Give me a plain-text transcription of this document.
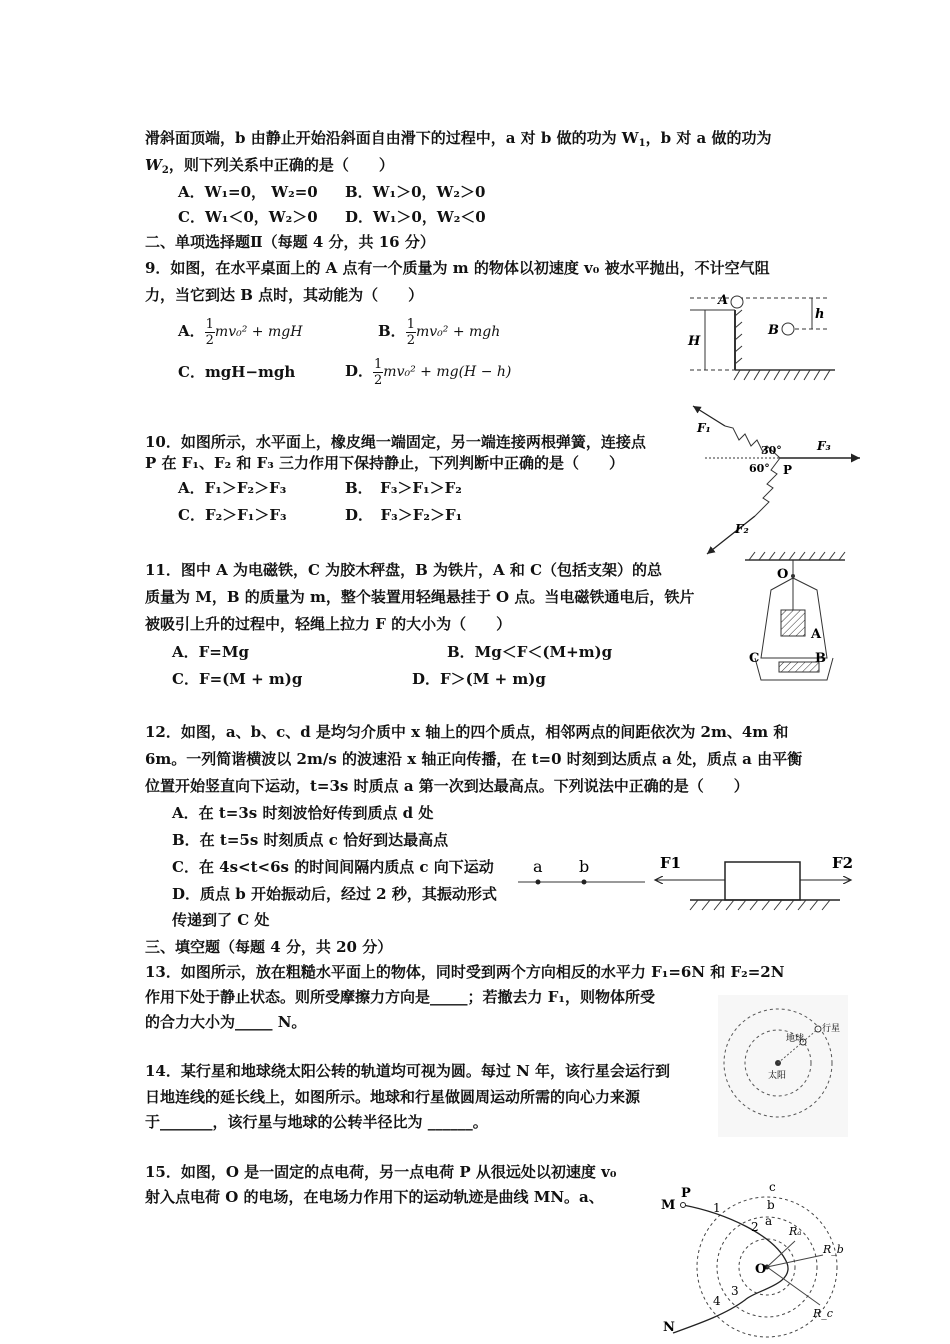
滑斜面顶端，b 由静止开始沿斜面自由滑下的过程中，a 对 b 做的功为 $W_1$，b 对 a 做的功为
$W_2$，则下列关系中正确的是（　　）
A．W₁=0， W₂=0 B．W₁＞0，W₂＞0
C．W₁＜0，W₂＞0 D．W₁＞0，W₂＜0
二、单项选择题Ⅱ（每题 4 分，共 16 分）
9．如图，在水平桌面上的 A 点有一个质量为 m 的物体以初速度 v₀ 被水平抛出，不计空气阻
力，当它到达 B 点时，其动能为（　　）
A． $\frac{1}{2} mv_0^2$ + mgH	B． $\frac{1}{2} mv_0^2$ + mgh
C．mgH−mgh	D． $\frac{1}{2} mv_0^2 + mg(H - h)$
A
B
H
h
10．如图所示，水平面上，橡皮绳一端固定，另一端连接两根弹簧，连接点
P 在 F₁、F₂ 和 F₃ 三力作用下保持静止，下列判断中正确的是（　　）
A．F₁＞F₂＞F₃	B．　F₃＞F₁＞F₂
C．F₂＞F₁＞F₃	D．　F₃＞F₂＞F₁
F₁
F₃
F₂
30°
60° P
11．图中 A 为电磁铁，C 为胶木秤盘，B 为铁片，A 和 C（包括支架）的总
质量为 M，B 的质量为 m，整个装置用轻绳悬挂于 O 点。当电磁铁通电后，铁片
被吸引上升的过程中，轻绳上拉力 F 的大小为（　　）
A．F=Mg	B．Mg＜F＜(M+m)g
C．F=(M + m)g	D．F＞(M + m)g
O
A
B
C
12．如图，a、b、c、d 是均匀介质中 x 轴上的四个质点，相邻两点的间距依次为 2m、4m 和
6m。一列简谐横波以 2m/s 的波速沿 x 轴正向传播，在 t=0 时刻到达质点 a 处，质点 a 由平衡
位置开始竖直向下运动，t=3s 时质点 a 第一次到达最高点。下列说法中正确的是（　　）
A．在 t=3s 时刻波恰好传到质点 d 处
B．在 t=5s 时刻质点 c 恰好到达最高点
C．在 4s<t<6s 的时间间隔内质点 c 向下运动
D．质点 b 开始振动后，经过 2 秒，其振动形式
传递到了 C 处
a b	F1	F2
三、填空题（每题 4 分，共 20 分）
13．如图所示，放在粗糙水平面上的物体，同时受到两个方向相反的水平力 F₁=6N 和 F₂=2N
作用下处于静止状态。则所受摩擦力方向是_____；若撤去力 F₁，则物体所受
的合力大小为_____ N。
14．某行星和地球绕太阳公转的轨道均可视为圆。每过 N 年，该行星会运行到
日地连线的延长线上，如图所示。地球和行星做圆周运动所需的向心力来源
于_______，该行星与地球的公转半径比为 ______。
地球
行星
太阳
15．如图，O 是一固定的点电荷，另一点电荷 P 从很远处以初速度 v₀
射入点电荷 O 的电场，在电场力作用下的运动轨迹是曲线 MN。a、	M
P
N
O
a
b
c
1
2
3
4
Rₐ
R_b
R_c
